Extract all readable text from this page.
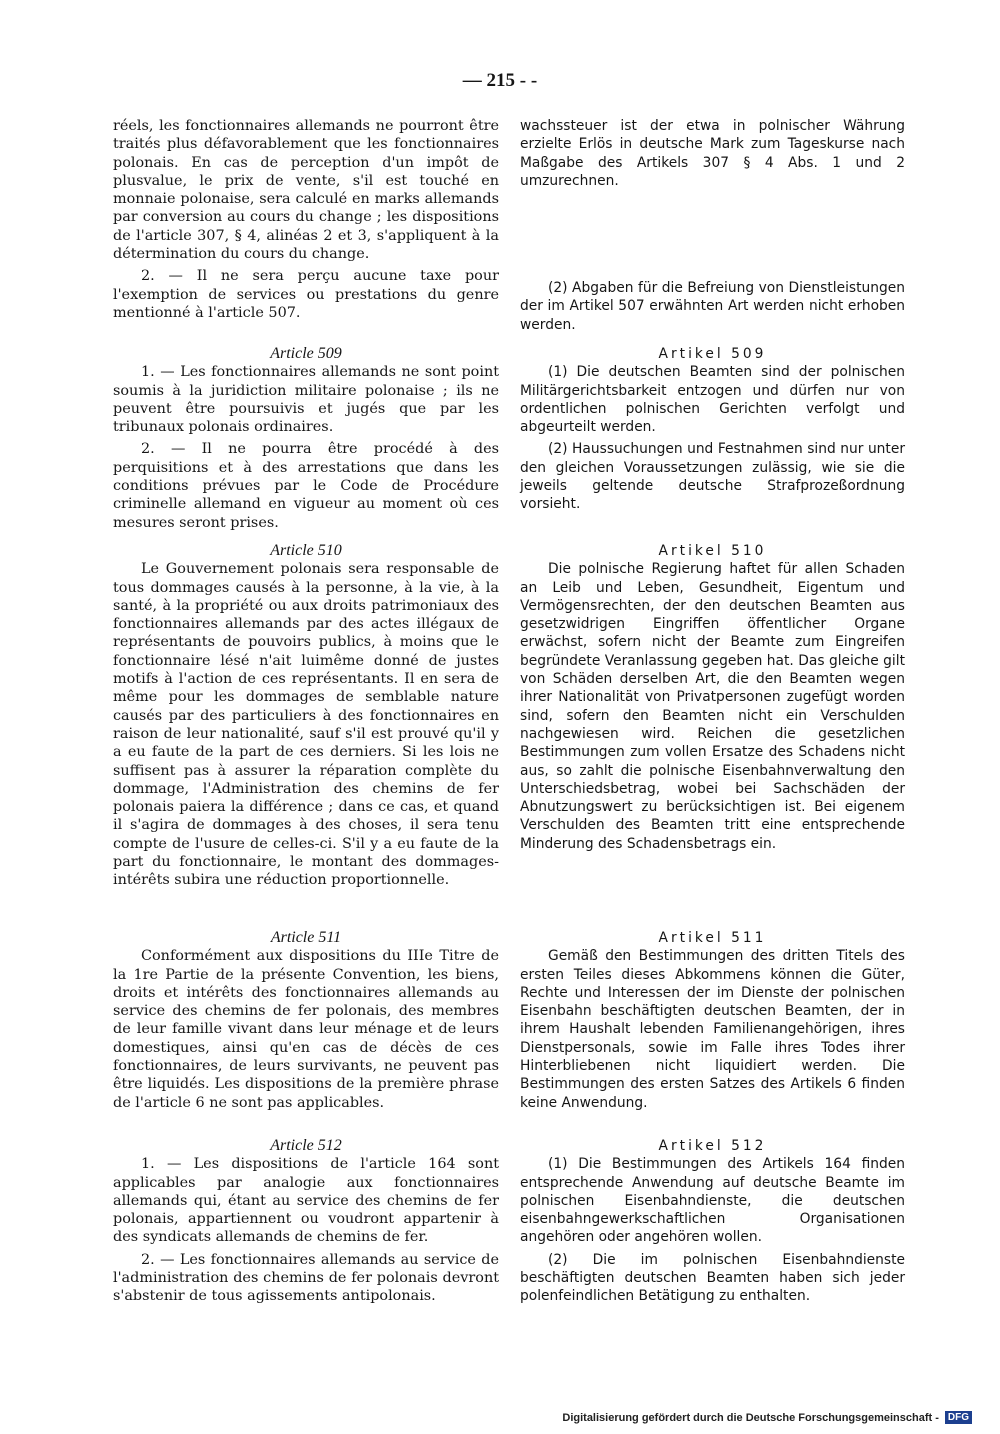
— 215 - -

réels, les fonctionnaires allemands ne pourront être traités plus défavorablement que les fonctionnaires polonais. En cas de perception d'un impôt de plusvalue, le prix de vente, s'il est touché en monnaie polonaise, sera calculé en marks allemands par conversion au cours du change ; les dispositions de l'article 307, § 4, alinéas 2 et 3, s'appliquent à la détermination du cours du change.

2. — Il ne sera perçu aucune taxe pour l'exemption de services ou prestations du genre mentionné à l'article 507.

Article 509

1. — Les fonctionnaires allemands ne sont point soumis à la juridiction militaire polonaise ; ils ne peuvent être poursuivis et jugés que par les tribunaux polonais ordinaires.

2. — Il ne pourra être procédé à des perquisitions et à des arrestations que dans les conditions prévues par le Code de Procédure criminelle allemand en vigueur au moment où ces mesures seront prises.

Article 510

Le Gouvernement polonais sera responsable de tous dommages causés à la personne, à la vie, à la santé, à la propriété ou aux droits patrimoniaux des fonctionnaires allemands par des actes illégaux de représentants de pouvoirs publics, à moins que le fonctionnaire lésé n'ait luimême donné de justes motifs à l'action de ces représentants. Il en sera de même pour les dommages de semblable nature causés par des particuliers à des fonctionnaires en raison de leur nationalité, sauf s'il est prouvé qu'il y a eu faute de la part de ces derniers. Si les lois ne suffisent pas à assurer la réparation complète du dommage, l'Administration des chemins de fer polonais paiera la différence ; dans ce cas, et quand il s'agira de dommages à des choses, il sera tenu compte de l'usure de celles-ci. S'il y a eu faute de la part du fonctionnaire, le montant des dommages-intérêts subira une réduction proportionnelle.

Article 511

Conformément aux dispositions du IIIe Titre de la 1re Partie de la présente Convention, les biens, droits et intérêts des fonctionnaires allemands au service des chemins de fer polonais, des membres de leur famille vivant dans leur ménage et de leurs domestiques, ainsi qu'en cas de décès de ces fonctionnaires, de leurs survivants, ne peuvent pas être liquidés. Les dispositions de la première phrase de l'article 6 ne sont pas applicables.

Article 512

1. — Les dispositions de l'article 164 sont applicables par analogie aux fonctionnaires allemands qui, étant au service des chemins de fer polonais, appartiennent ou voudront appartenir à des syndicats allemands de chemins de fer.

2. — Les fonctionnaires allemands au service de l'administration des chemins de fer polonais devront s'abstenir de tous agissements antipolonais.

wachssteuer ist der etwa in polnischer Währung erzielte Erlös in deutsche Mark zum Tageskurse nach Maßgabe des Artikels 307 § 4 Abs. 1 und 2 umzurechnen.

(2) Abgaben für die Befreiung von Dienstleistungen der im Artikel 507 erwähnten Art werden nicht erhoben werden.

Artikel 509

(1) Die deutschen Beamten sind der polnischen Militärgerichtsbarkeit entzogen und dürfen nur von ordentlichen polnischen Gerichten verfolgt und abgeurteilt werden.

(2) Haussuchungen und Festnahmen sind nur unter den gleichen Voraussetzungen zulässig, wie sie die jeweils geltende deutsche Strafprozeßordnung vorsieht.

Artikel 510

Die polnische Regierung haftet für allen Schaden an Leib und Leben, Gesundheit, Eigentum und Vermögensrechten, der den deutschen Beamten aus gesetzwidrigen Eingriffen öffentlicher Organe erwächst, sofern nicht der Beamte zum Eingreifen begründete Veranlassung gegeben hat. Das gleiche gilt von Schäden derselben Art, die den Beamten wegen ihrer Nationalität von Privatpersonen zugefügt worden sind, sofern den Beamten nicht ein Verschulden nachgewiesen wird. Reichen die gesetzlichen Bestimmungen zum vollen Ersatze des Schadens nicht aus, so zahlt die polnische Eisenbahnverwaltung den Unterschiedsbetrag, wobei bei Sachschäden der Abnutzungswert zu berücksichtigen ist. Bei eigenem Verschulden des Beamten tritt eine entsprechende Minderung des Schadensbetrags ein.

Artikel 511

Gemäß den Bestimmungen des dritten Titels des ersten Teiles dieses Abkommens können die Güter, Rechte und Interessen der im Dienste der polnischen Eisenbahn beschäftigten deutschen Beamten, der in ihrem Haushalt lebenden Familienangehörigen, ihres Dienstpersonals, sowie im Falle ihres Todes ihrer Hinterbliebenen nicht liquidiert werden. Die Bestimmungen des ersten Satzes des Artikels 6 finden keine Anwendung.

Artikel 512

(1) Die Bestimmungen des Artikels 164 finden entsprechende Anwendung auf deutsche Beamte im polnischen Eisenbahndienste, die deutschen eisenbahngewerkschaftlichen Organisationen angehören oder angehören wollen.

(2) Die im polnischen Eisenbahndienste beschäftigten deutschen Beamten haben sich jeder polenfeindlichen Betätigung zu enthalten.

Digitalisierung gefördert durch die Deutsche Forschungsgemeinschaft - DFG
